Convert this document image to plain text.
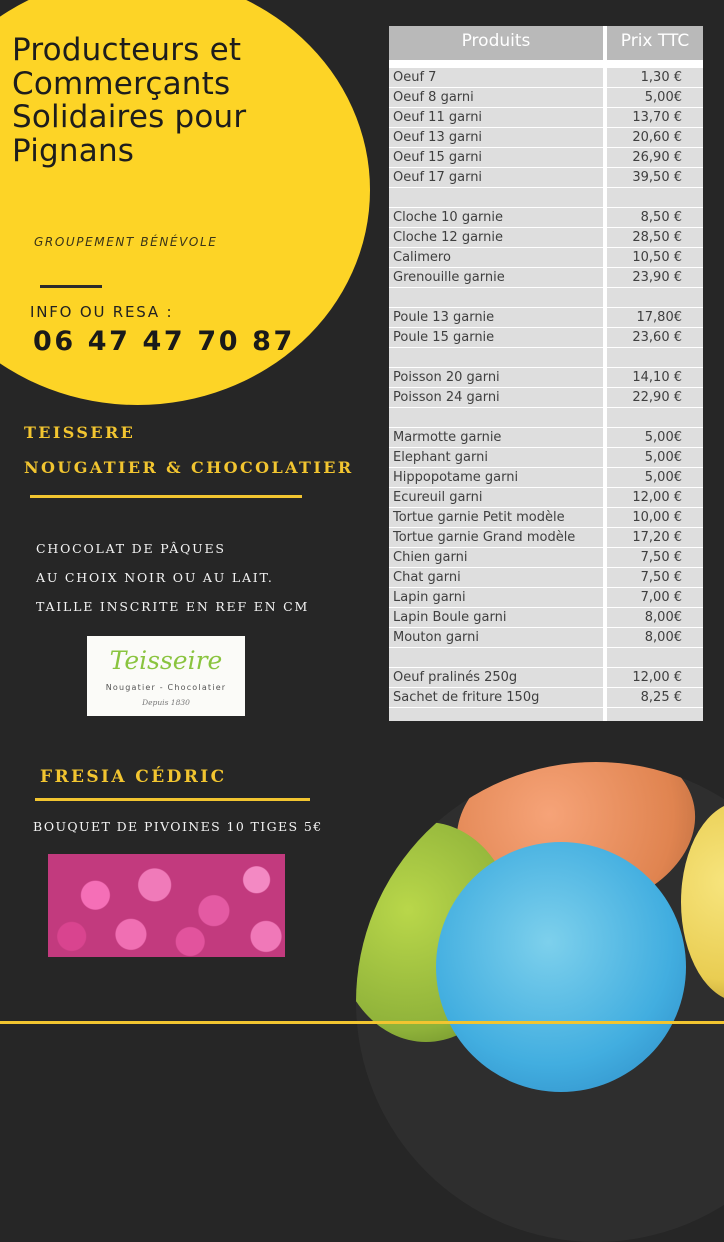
Producteurs et
Commerçants
Solidaires pour
Pignans

GROUPEMENT BÉNÉVOLE

INFO OU RESA :

06 47 47 70 87

TEISSERE

NOUGATIER & CHOCOLATIER

CHOCOLAT DE PÂQUES
AU CHOIX NOIR OU AU LAIT.
TAILLE INSCRITE EN REF EN CM
Teisseire
Nougatier - Chocolatier
Depuis 1830

FRESIA CÉDRIC

BOUQUET DE PIVOINES 10 TIGES 5€

Produits	Prix TTC
Oeuf 7	1,30 €
Oeuf 8 garni	5,00€
Oeuf 11 garni	13,70 €
Oeuf 13 garni	20,60 €
Oeuf 15 garni	26,90 €
Oeuf 17 garni	39,50 €
Cloche 10 garnie	8,50 €
Cloche 12 garnie	28,50 €
Calimero	10,50 €
Grenouille garnie	23,90 €
Poule 13 garnie	17,80€
Poule 15 garnie	23,60 €
Poisson 20 garni	14,10 €
Poisson 24 garni	22,90 €
Marmotte garnie	5,00€
Elephant garni	5,00€
Hippopotame garni	5,00€
Ecureuil garni	12,00 €
Tortue garnie Petit modèle	10,00 €
Tortue garnie Grand modèle	17,20 €
Chien garni	7,50 €
Chat garni	7,50 €
Lapin garni	7,00 €
Lapin Boule garni	8,00€
Mouton garni	8,00€
Oeuf pralinés 250g	12,00 €
Sachet de friture 150g	8,25 €
